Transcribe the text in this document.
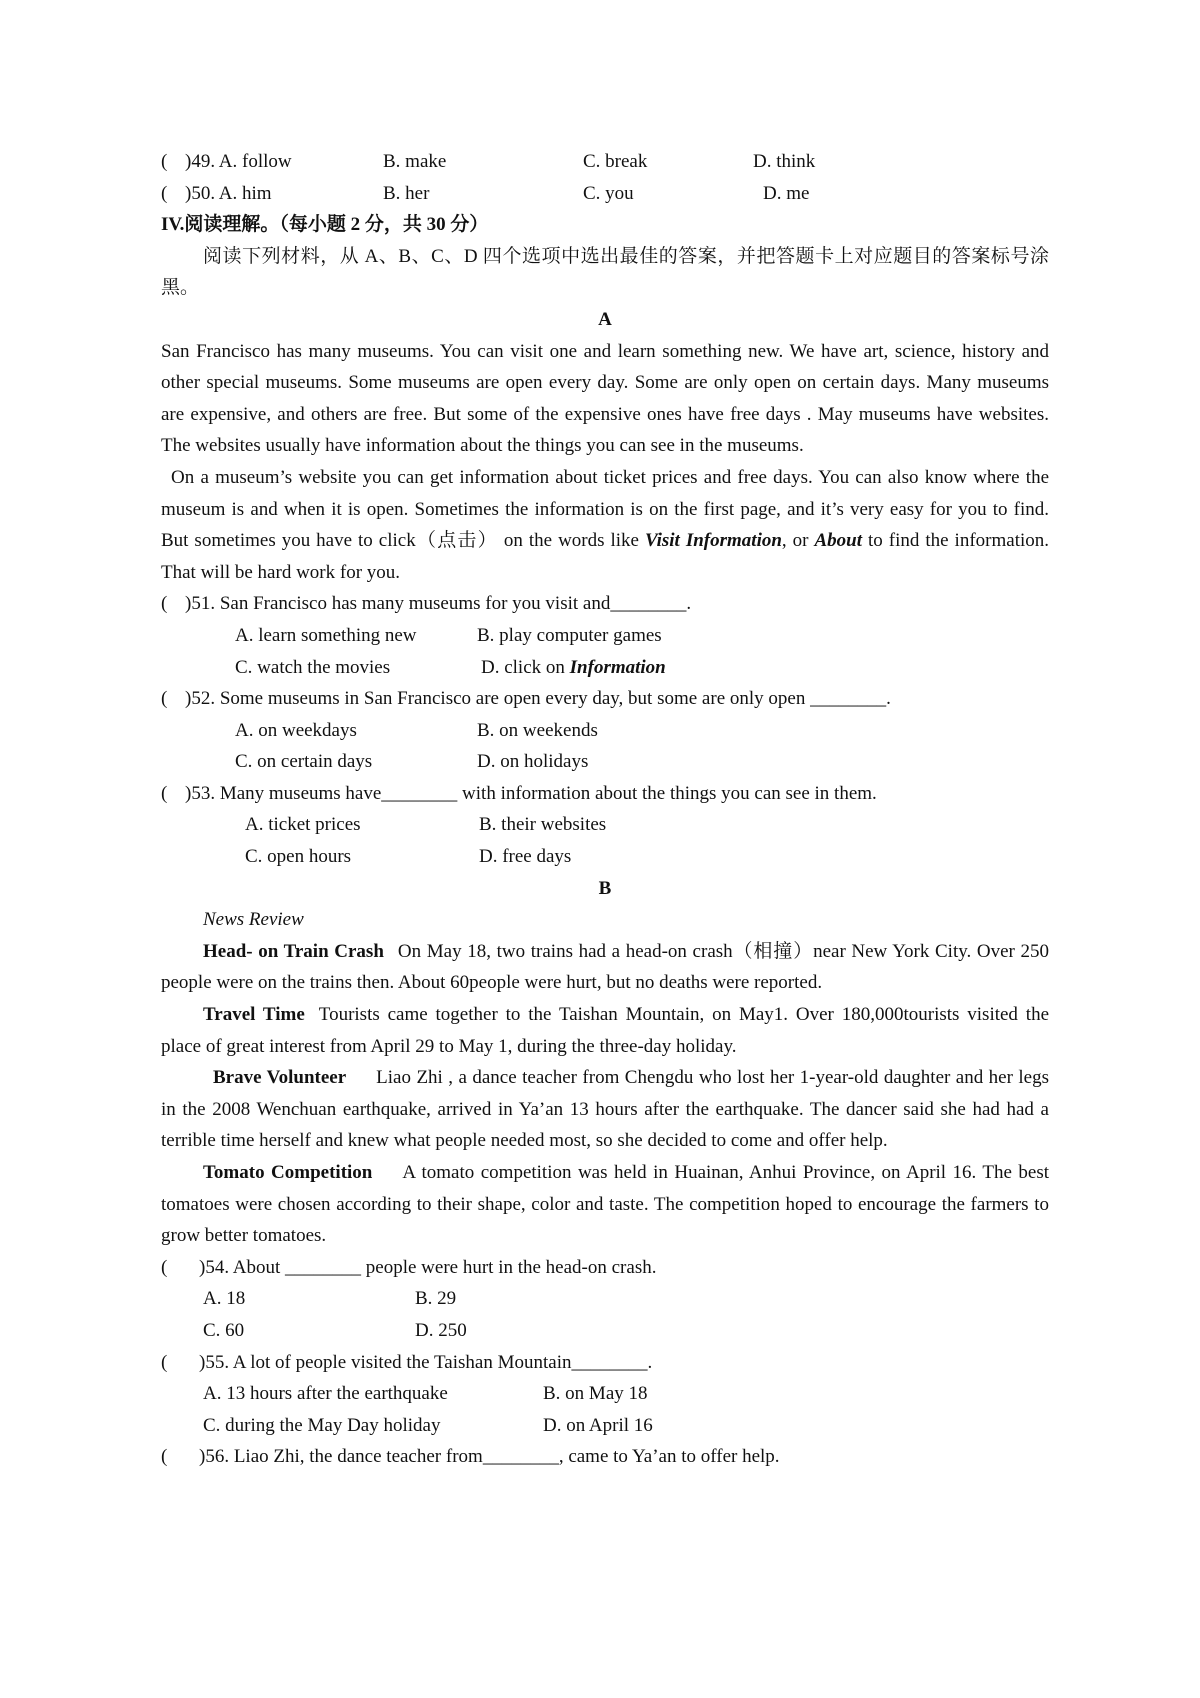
( )49. A. follow	B. make	C. break	D. think
( )50. A. him	B. her	C. you	D. me
IV.阅读理解。（每小题 2 分，共 30 分）

阅读下列材料，从 A、B、C、D 四个选项中选出最佳的答案，并把答题卡上对应题目的答案标号涂黑。

A

San Francisco has many museums. You can visit one and learn something new. We have art, science, history and other special museums. Some museums are open every day. Some are only open on certain days. Many museums are expensive, and others are free. But some of the expensive ones have free days . May museums have websites. The websites usually have information about the things you can see in the museums.

On a museum’s website you can get information about ticket prices and free days. You can also know where the museum is and when it is open. Sometimes the information is on the first page, and it’s very easy for you to find. But sometimes you have to click（点击） on the words like Visit Information, or About to find the information. That will be hard work for you.

( )51. San Francisco has many museums for you visit and________.
A. learn something new	B. play computer games
C. watch the movies	D. click on Information
( )52. Some museums in San Francisco are open every day, but some are only open ________.
A. on weekdays	B. on weekends
C. on certain days	D. on holidays
( )53. Many museums have________ with information about the things you can see in them.
A. ticket prices	B. their websites
C. open hours	D. free days
B
News Review

Head- on Train Crash On May 18, two trains had a head-on crash（相撞）near New York City. Over 250 people were on the trains then. About 60people were hurt, but no deaths were reported.

Travel Time Tourists came together to the Taishan Mountain, on May1. Over 180,000tourists visited the place of great interest from April 29 to May 1, during the three-day holiday.

Brave Volunteer Liao Zhi , a dance teacher from Chengdu who lost her 1-year-old daughter and her legs in the 2008 Wenchuan earthquake, arrived in Ya’an 13 hours after the earthquake. The dancer said she had had a terrible time herself and knew what people needed most, so she decided to come and offer help.

Tomato Competition A tomato competition was held in Huainan, Anhui Province, on April 16. The best tomatoes were chosen according to their shape, color and taste. The competition hoped to encourage the farmers to grow better tomatoes.

( )54. About ________ people were hurt in the head-on crash.
A. 18	B. 29
C. 60	D. 250
( )55. A lot of people visited the Taishan Mountain________.
A. 13 hours after the earthquake	B. on May 18
C. during the May Day holiday	D. on April 16
( )56. Liao Zhi, the dance teacher from________, came to Ya’an to offer help.
